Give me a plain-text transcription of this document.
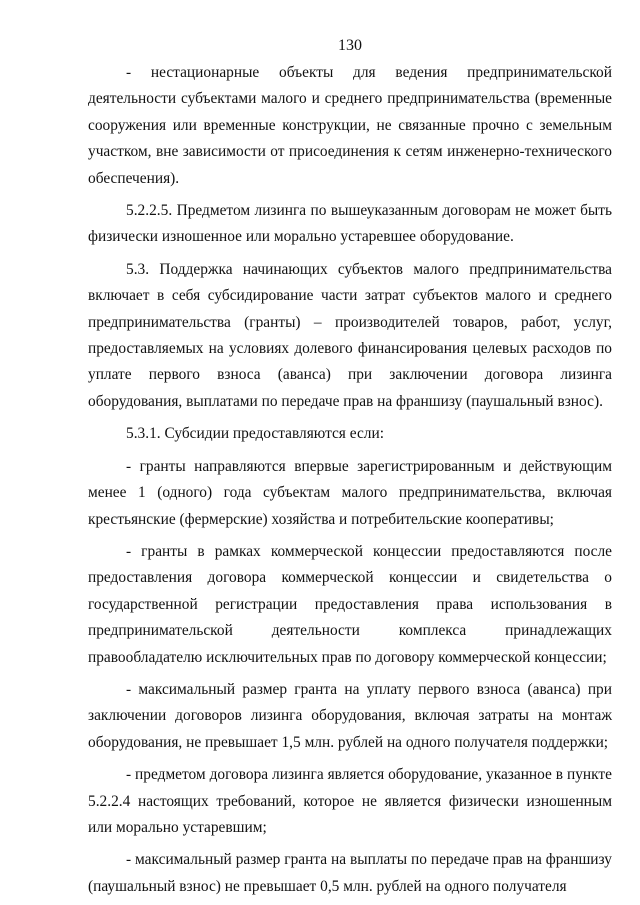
130

- нестационарные объекты для ведения предпринимательской деятельности субъектами малого и среднего предпринимательства (временные сооружения или временные конструкции, не связанные прочно с земельным участком, вне зависимости от присоединения к сетям инженерно-технического обеспечения).

5.2.2.5. Предметом лизинга по вышеуказанным договорам не может быть физически изношенное или морально устаревшее оборудование.

5.3. Поддержка начинающих субъектов малого предпринимательства включает в себя субсидирование части затрат субъектов малого и среднего предпринимательства (гранты) – производителей товаров, работ, услуг, предоставляемых на условиях долевого финансирования целевых расходов по уплате первого взноса (аванса) при заключении договора лизинга оборудования, выплатами по передаче прав на франшизу (паушальный взнос).

5.3.1. Субсидии предоставляются если:

- гранты направляются впервые зарегистрированным и действующим менее 1 (одного) года субъектам малого предпринимательства, включая крестьянские (фермерские) хозяйства и потребительские кооперативы;

- гранты в рамках коммерческой концессии предоставляются после предоставления договора коммерческой концессии и свидетельства о государственной регистрации предоставления права использования в предпринимательской деятельности комплекса принадлежащих правообладателю исключительных прав по договору коммерческой концессии;

- максимальный размер гранта на уплату первого взноса (аванса) при заключении договоров лизинга оборудования, включая затраты на монтаж оборудования, не превышает 1,5 млн. рублей на одного получателя поддержки;

- предметом договора лизинга является оборудование, указанное в пункте 5.2.2.4 настоящих требований, которое не является физически изношенным или морально устаревшим;

- максимальный размер гранта на выплаты по передаче прав на франшизу (паушальный взнос) не превышает 0,5 млн. рублей на одного получателя
